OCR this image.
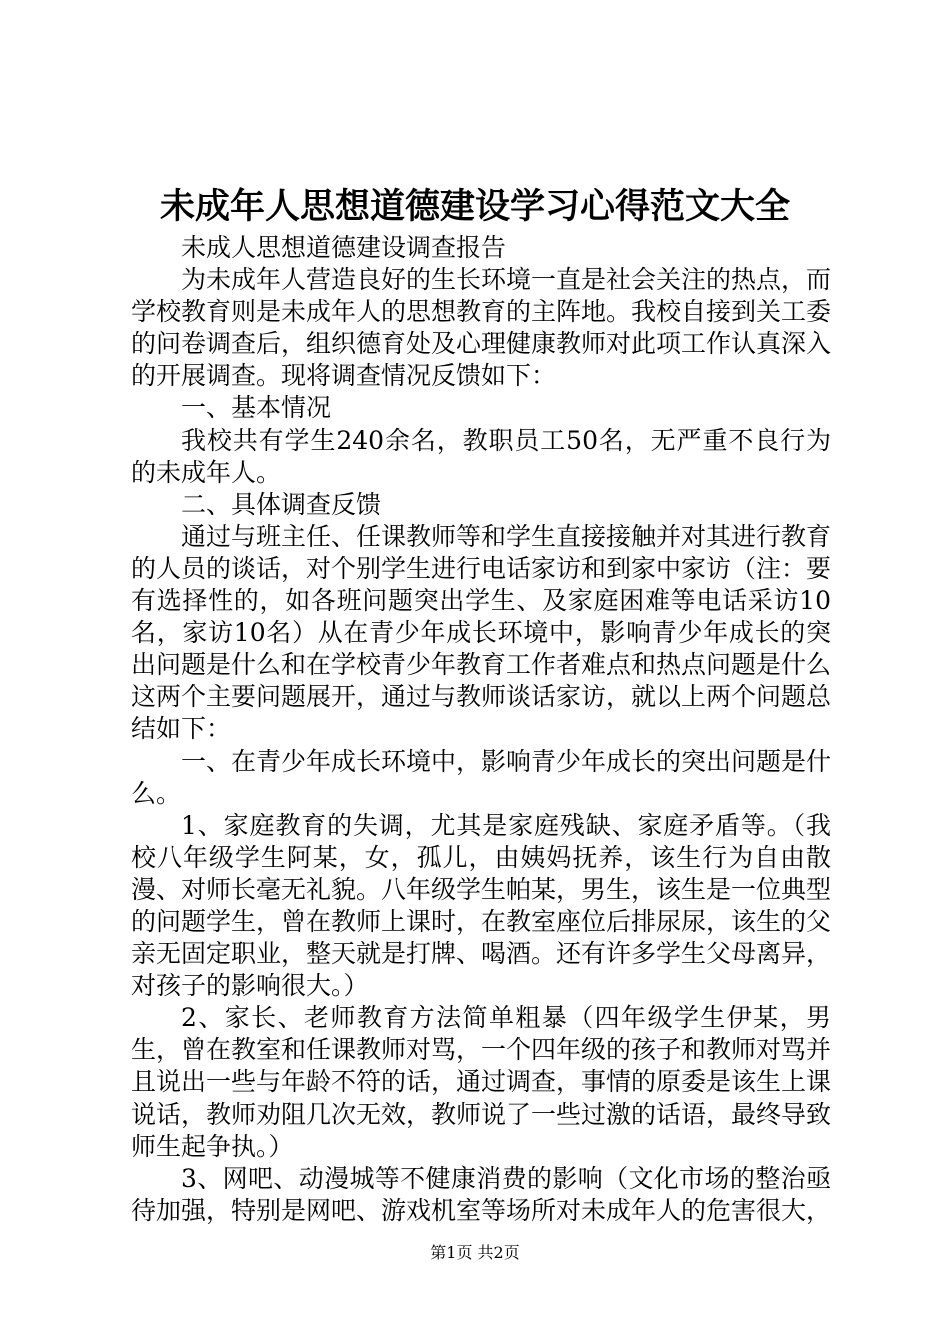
未成年人思想道德建设学习心得范文大全

未成人思想道德建设调查报告

为未成年人营造良好的生长环境一直是社会关注的热点，而学校教育则是未成年人的思想教育的主阵地。我校自接到关工委的问卷调查后，组织德育处及心理健康教师对此项工作认真深入的开展调查。现将调查情况反馈如下：

一、基本情况

我校共有学生240余名，教职员工50名，无严重不良行为的未成年人。

二、具体调查反馈

通过与班主任、任课教师等和学生直接接触并对其进行教育的人员的谈话，对个别学生进行电话家访和到家中家访（注：要有选择性的，如各班问题突出学生、及家庭困难等电话采访10名，家访10名）从在青少年成长环境中，影响青少年成长的突出问题是什么和在学校青少年教育工作者难点和热点问题是什么这两个主要问题展开，通过与教师谈话家访，就以上两个问题总结如下：

一、在青少年成长环境中，影响青少年成长的突出问题是什么。

1、家庭教育的失调，尤其是家庭残缺、家庭矛盾等。（我校八年级学生阿某，女，孤儿，由姨妈抚养，该生行为自由散漫、对师长毫无礼貌。八年级学生帕某，男生，该生是一位典型的问题学生，曾在教师上课时，在教室座位后排尿尿，该生的父亲无固定职业，整天就是打牌、喝酒。还有许多学生父母离异，对孩子的影响很大。）

2、家长、老师教育方法简单粗暴（四年级学生伊某，男生，曾在教室和任课教师对骂，一个四年级的孩子和教师对骂并且说出一些与年龄不符的话，通过调查，事情的原委是该生上课说话，教师劝阻几次无效，教师说了一些过激的话语，最终导致师生起争执。）

3、网吧、动漫城等不健康消费的影响（文化市场的整治亟待加强，特别是网吧、游戏机室等场所对未成年人的危害很大，

第1页 共2页
